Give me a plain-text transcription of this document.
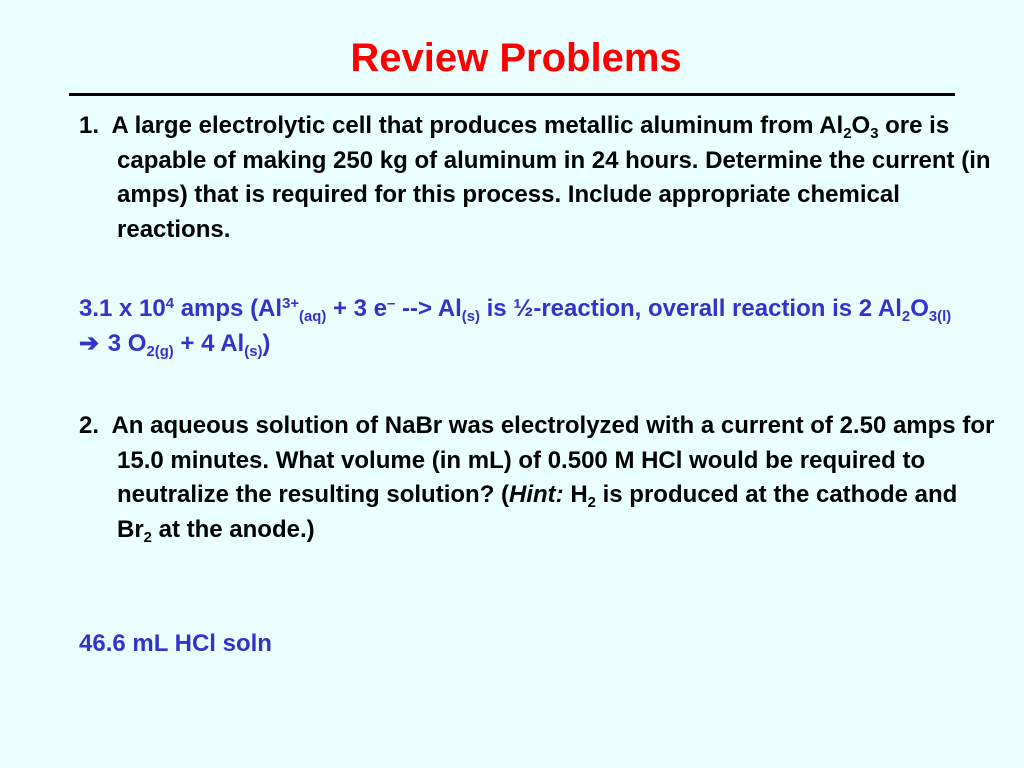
Review Problems

1. A large electrolytic cell that produces metallic aluminum from $Al_2O_3$ ore is capable of making 250 kg of aluminum in 24 hours. Determine the current (in amps) that is required for this process. Include appropriate chemical reactions.

3.1 x $10^4$ amps ($Al^{3+}_{(aq)} + 3$ e– --> $Al_{(s)}$ is ½-reaction, overall reaction is 2 $Al_2O_{3(l)}➔$ 3 $O_{2(g)} + 4$ $Al_{(s)}$)

2. An aqueous solution of NaBr was electrolyzed with a current of 2.50 amps for 15.0 minutes. What volume (in mL) of 0.500 M HCl would be required to neutralize the resulting solution? (Hint: $H_2$ is produced at the cathode and $Br_2$ at the anode.)

46.6 mL HCl soln
